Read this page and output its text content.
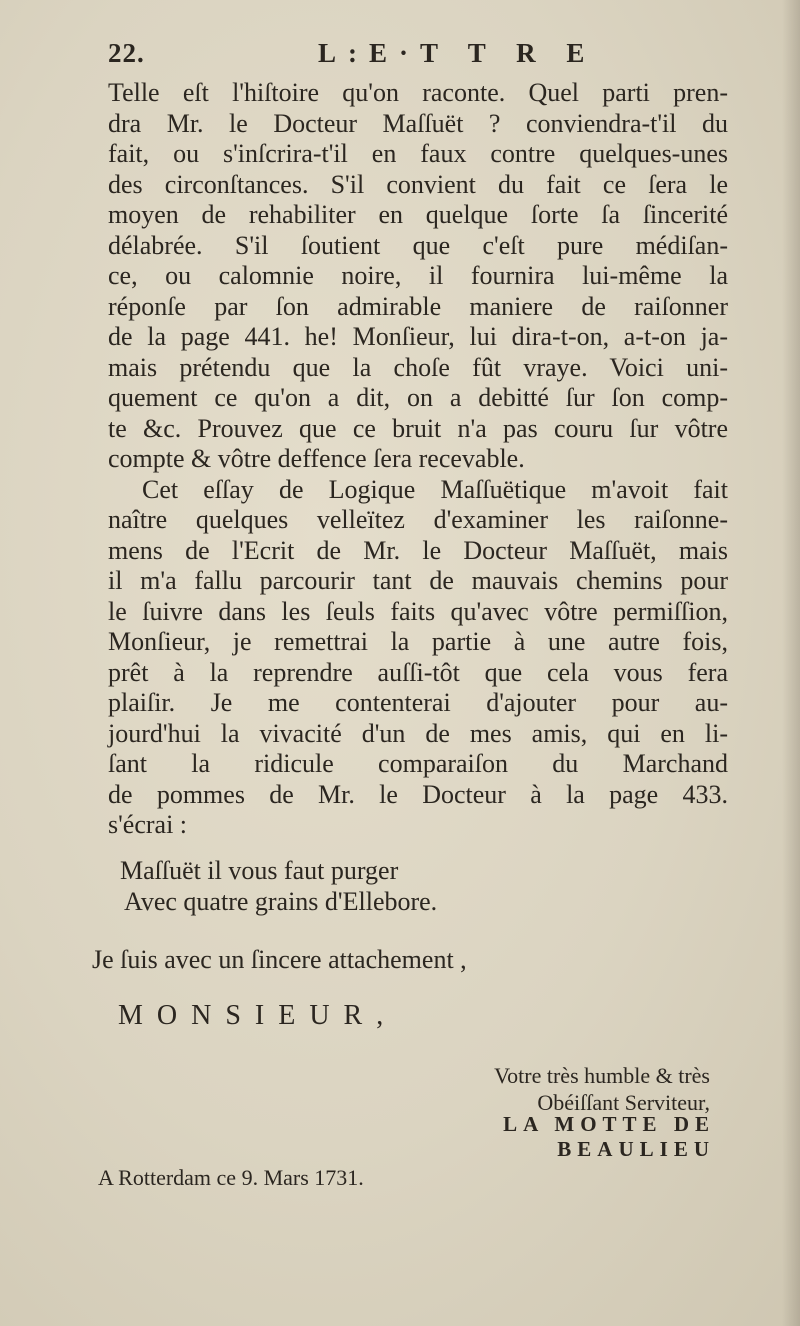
22.	L:E·T T R E
Telle eſt l'hiſtoire qu'on raconte. Quel parti pren-
dra Mr. le Docteur Maſſuët ? conviendra-t'il du
fait, ou s'inſcrira-t'il en faux contre quelques-unes
des circonſtances. S'il convient du fait ce ſera le
moyen de rehabiliter en quelque ſorte ſa ſincerité
délabrée. S'il ſoutient que c'eſt pure médiſan-
ce, ou calomnie noire, il fournira lui-même la
réponſe par ſon admirable maniere de raiſonner
de la page 441. he! Monſieur, lui dira-t-on, a-t-on ja-
mais prétendu que la choſe fût vraye. Voici uni-
quement ce qu'on a dit, on a debitté ſur ſon comp-
te &c. Prouvez que ce bruit n'a pas couru ſur vôtre
compte & vôtre deffence ſera recevable.
Cet eſſay de Logique Maſſuëtique m'avoit fait
naître quelques velleïtez d'examiner les raiſonne-
mens de l'Ecrit de Mr. le Docteur Maſſuët, mais
il m'a fallu parcourir tant de mauvais chemins pour
le ſuivre dans les ſeuls faits qu'avec vôtre permiſſion,
Monſieur, je remettrai la partie à une autre fois,
prêt à la reprendre auſſi-tôt que cela vous fera
plaiſir. Je me contenterai d'ajouter pour au-
jourd'hui la vivacité d'un de mes amis, qui en li-
ſant la ridicule comparaiſon du Marchand
de pommes de Mr. le Docteur à la page 433.
s'écrai :
Maſſuët il vous faut purger
Avec quatre grains d'Ellebore.
Je ſuis avec un ſincere attachement ,
MONSIEUR,
Votre très humble & très
Obéiſſant Serviteur,
LA MOTTE DE BEAULIEU
A Rotterdam ce 9. Mars 1731.
